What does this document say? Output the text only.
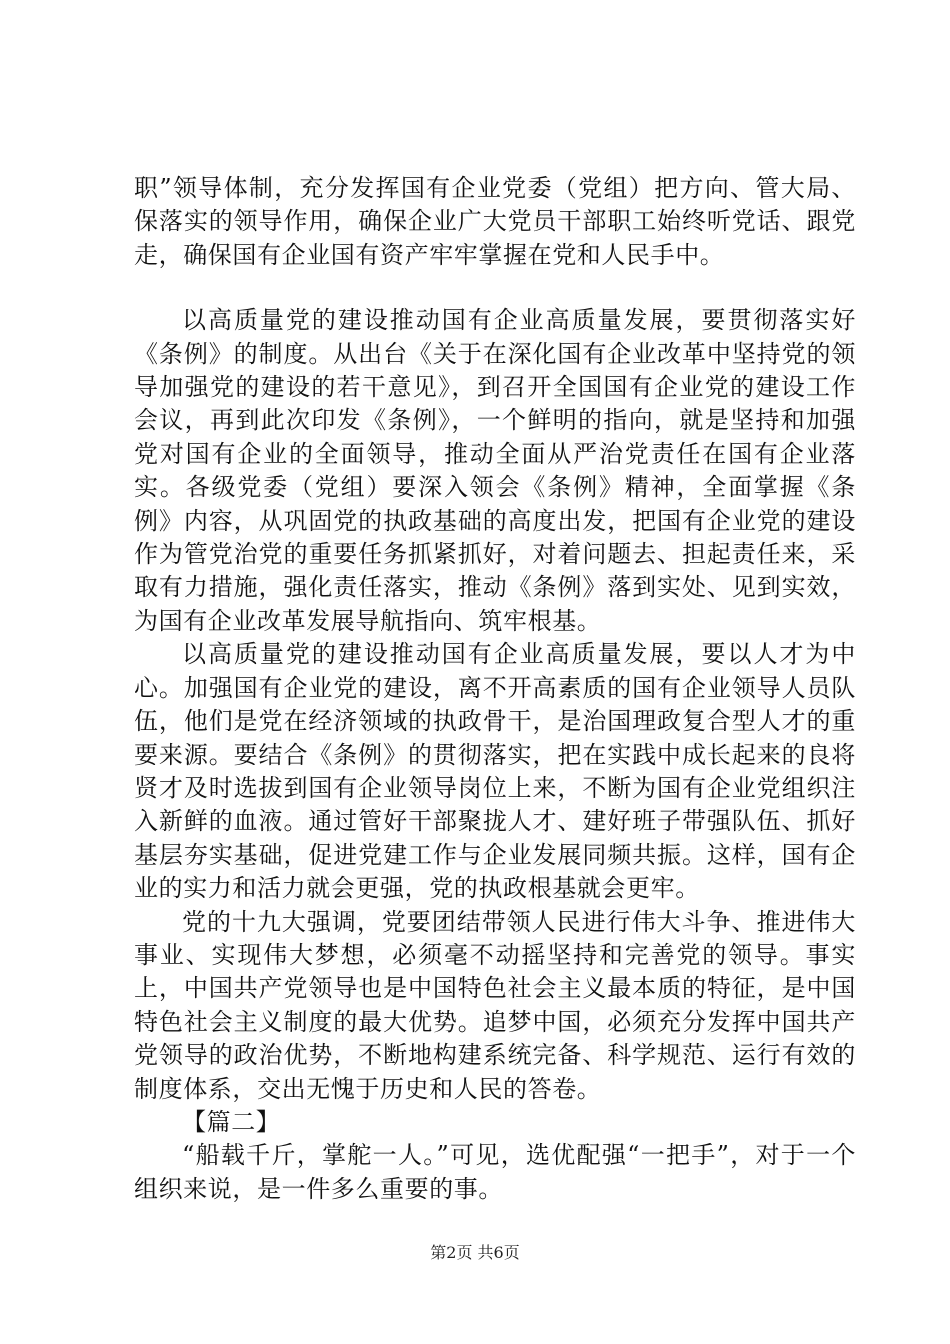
职”领导体制，充分发挥国有企业党委（党组）把方向、管大局、保落实的领导作用，确保企业广大党员干部职工始终听党话、跟党走，确保国有企业国有资产牢牢掌握在党和人民手中。

以高质量党的建设推动国有企业高质量发展，要贯彻落实好《条例》的制度。从出台《关于在深化国有企业改革中坚持党的领导加强党的建设的若干意见》，到召开全国国有企业党的建设工作会议，再到此次印发《条例》，一个鲜明的指向，就是坚持和加强党对国有企业的全面领导，推动全面从严治党责任在国有企业落实。各级党委（党组）要深入领会《条例》精神，全面掌握《条例》内容，从巩固党的执政基础的高度出发，把国有企业党的建设作为管党治党的重要任务抓紧抓好，对着问题去、担起责任来，采取有力措施，强化责任落实，推动《条例》落到实处、见到实效，为国有企业改革发展导航指向、筑牢根基。

以高质量党的建设推动国有企业高质量发展，要以人才为中心。加强国有企业党的建设，离不开高素质的国有企业领导人员队伍，他们是党在经济领域的执政骨干，是治国理政复合型人才的重要来源。要结合《条例》的贯彻落实，把在实践中成长起来的良将贤才及时选拔到国有企业领导岗位上来，不断为国有企业党组织注入新鲜的血液。通过管好干部聚拢人才、建好班子带强队伍、抓好基层夯实基础，促进党建工作与企业发展同频共振。这样，国有企业的实力和活力就会更强，党的执政根基就会更牢。

党的十九大强调，党要团结带领人民进行伟大斗争、推进伟大事业、实现伟大梦想，必须毫不动摇坚持和完善党的领导。事实上，中国共产党领导也是中国特色社会主义最本质的特征，是中国特色社会主义制度的最大优势。追梦中国，必须充分发挥中国共产党领导的政治优势，不断地构建系统完备、科学规范、运行有效的制度体系，交出无愧于历史和人民的答卷。

【篇二】

“船载千斤，掌舵一人。”可见，选优配强“一把手”，对于一个组织来说，是一件多么重要的事。

第2页 共6页
